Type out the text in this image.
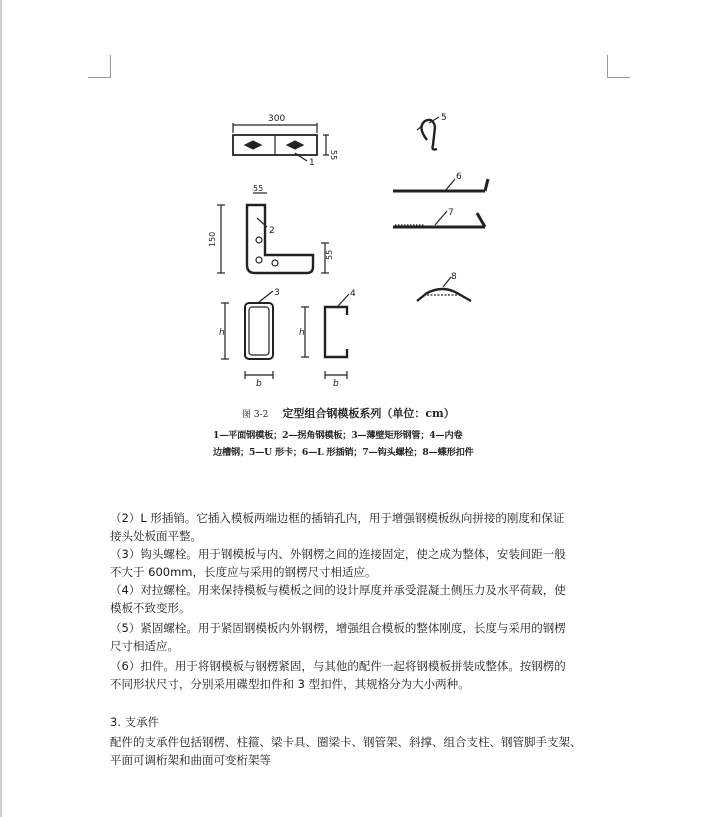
300
55
55
150
55
h	h
b	b
1
2
3	4
5
6
7
8
图 3-2 定型组合钢模板系列（单位：cm）
1—平面钢模板；2—拐角钢模板；3—薄壁矩形钢管；4—内卷
边槽钢；5—U 形卡；6—L 形插销；7—钩头螺栓；8—蝶形扣件
（2）L 形插销。它插入模板两端边框的插销孔内，用于增强钢模板纵向拼接的刚度和保证
接头处板面平整。
（3）钩头螺栓。用于钢模板与内、外钢楞之间的连接固定，使之成为整体，安装间距一般
不大于 600mm，长度应与采用的钢楞尺寸相适应。
（4）对拉螺栓。用来保持模板与模板之间的设计厚度并承受混凝土侧压力及水平荷载，使
模板不致变形。
（5）紧固螺栓。用于紧固钢模板内外钢楞，增强组合模板的整体刚度，长度与采用的钢楞
尺寸相适应。
（6）扣件。用于将钢模板与钢楞紧固，与其他的配件一起将钢模板拼装成整体。按钢楞的
不同形状尺寸，分别采用碟型扣件和 3 型扣件，其规格分为大小两种。
3. 支承件
配件的支承件包括钢楞、柱箍、梁卡具、圈梁卡、钢管架、斜撑、组合支柱、钢管脚手支架、
平面可调桁架和曲面可变桁架等
